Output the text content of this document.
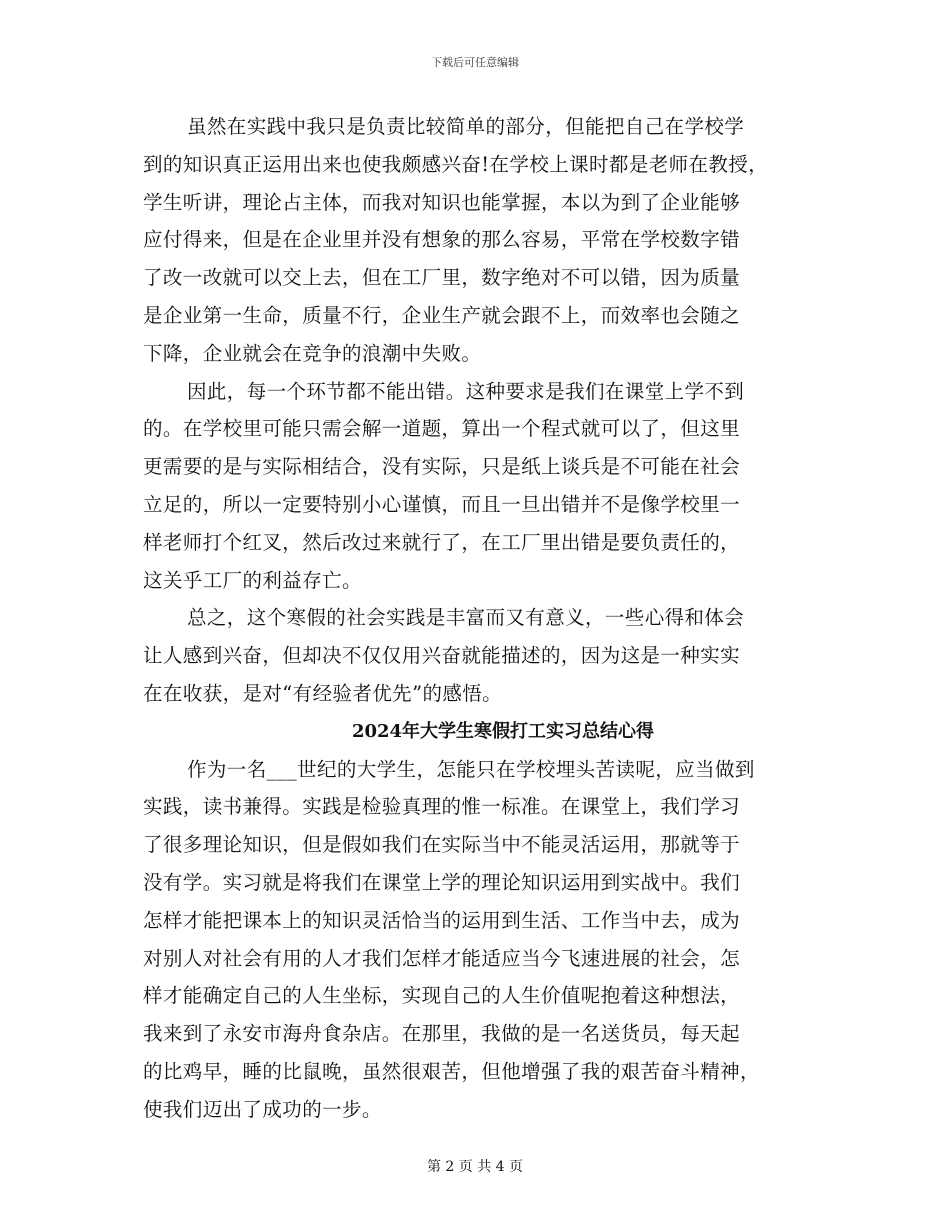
下载后可任意编辑
虽然在实践中我只是负责比较简单的部分，但能把自己在学校学
到的知识真正运用出来也使我颇感兴奋!在学校上课时都是老师在教授，
学生听讲，理论占主体，而我对知识也能掌握，本以为到了企业能够
应付得来，但是在企业里并没有想象的那么容易，平常在学校数字错
了改一改就可以交上去，但在工厂里，数字绝对不可以错，因为质量
是企业第一生命，质量不行，企业生产就会跟不上，而效率也会随之
下降，企业就会在竞争的浪潮中失败。
因此，每一个环节都不能出错。这种要求是我们在课堂上学不到
的。在学校里可能只需会解一道题，算出一个程式就可以了，但这里
更需要的是与实际相结合，没有实际，只是纸上谈兵是不可能在社会
立足的，所以一定要特别小心谨慎，而且一旦出错并不是像学校里一
样老师打个红叉，然后改过来就行了，在工厂里出错是要负责任的，
这关乎工厂的利益存亡。
总之，这个寒假的社会实践是丰富而又有意义，一些心得和体会
让人感到兴奋，但却决不仅仅用兴奋就能描述的，因为这是一种实实
在在收获，是对“有经验者优先”的感悟。
2024年大学生寒假打工实习总结心得
作为一名___世纪的大学生，怎能只在学校埋头苦读呢，应当做到
实践，读书兼得。实践是检验真理的惟一标准。在课堂上，我们学习
了很多理论知识，但是假如我们在实际当中不能灵活运用，那就等于
没有学。实习就是将我们在课堂上学的理论知识运用到实战中。我们
怎样才能把课本上的知识灵活恰当的运用到生活、工作当中去，成为
对别人对社会有用的人才我们怎样才能适应当今飞速进展的社会，怎
样才能确定自己的人生坐标，实现自己的人生价值呢抱着这种想法，
我来到了永安市海舟食杂店。在那里，我做的是一名送货员，每天起
的比鸡早，睡的比鼠晚，虽然很艰苦，但他增强了我的艰苦奋斗精神，
使我们迈出了成功的一步。
第 2 页 共 4 页
